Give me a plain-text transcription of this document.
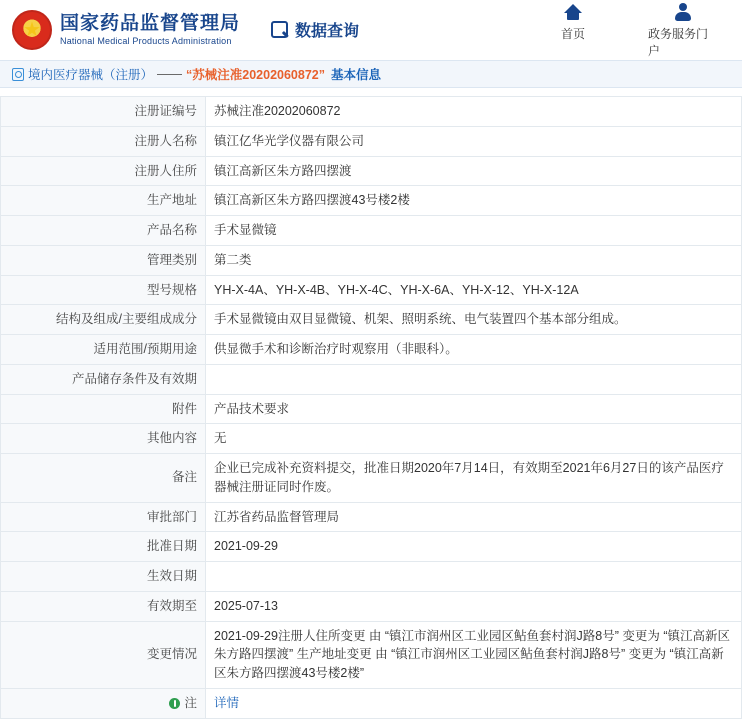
国家药品监督管理局
National Medical Products Administration
数据查询	首页	政务服务门户
境内医疗器械（注册） —— “苏械注准20202060872” 基本信息
注册证编号	苏械注准20202060872
注册人名称	镇江亿华光学仪器有限公司
注册人住所	镇江高新区朱方路四摆渡
生产地址	镇江高新区朱方路四摆渡43号楼2楼
产品名称	手术显微镜
管理类别	第二类
型号规格	YH-X-4A、YH-X-4B、YH-X-4C、YH-X-6A、YH-X-12、YH-X-12A
结构及组成/主要组成成分	手术显微镜由双目显微镜、机架、照明系统、电气装置四个基本部分组成。
适用范围/预期用途	供显微手术和诊断治疗时观察用（非眼科）。
产品储存条件及有效期	
附件	产品技术要求
其他内容	无
备注	企业已完成补充资料提交，批准日期2020年7月14日，有效期至2021年6月27日的该产品医疗器械注册证同时作废。
审批部门	江苏省药品监督管理局
批准日期	2021-09-29
生效日期	
有效期至	2025-07-13
变更情况	2021-09-29注册人住所变更 由 “镇江市润州区工业园区鲇鱼套村润J路8号” 变更为 “镇江高新区朱方路四摆渡” 生产地址变更 由 “镇江市润州区工业园区鲇鱼套村润J路8号” 变更为 “镇江高新区朱方路四摆渡43号楼2楼”

注	详情
